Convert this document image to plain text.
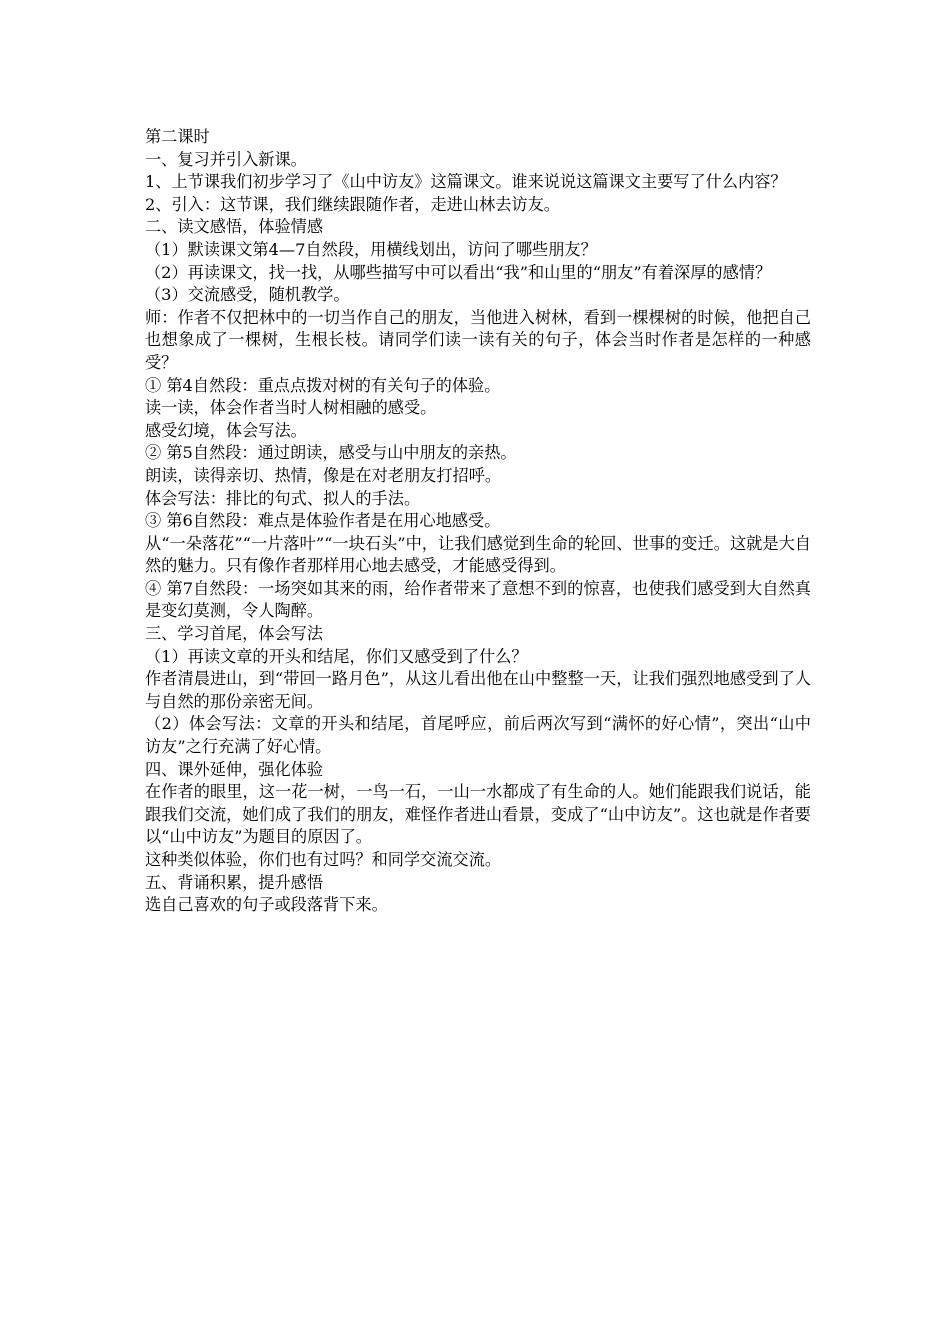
第二课时

一、复习并引入新课。

1、上节课我们初步学习了《山中访友》这篇课文。谁来说说这篇课文主要写了什么内容？

2、引入：这节课，我们继续跟随作者，走进山林去访友。

二、读文感悟，体验情感

（1）默读课文第4—7自然段，用横线划出，访问了哪些朋友？

（2）再读课文，找一找，从哪些描写中可以看出“我”和山里的“朋友”有着深厚的感情？

（3）交流感受，随机教学。

师：作者不仅把林中的一切当作自己的朋友，当他进入树林，看到一棵棵树的时候，他把自己也想象成了一棵树，生根长枝。请同学们读一读有关的句子，体会当时作者是怎样的一种感受？

① 第4自然段：重点点拨对树的有关句子的体验。

读一读，体会作者当时人树相融的感受。

感受幻境，体会写法。

② 第5自然段：通过朗读，感受与山中朋友的亲热。

朗读，读得亲切、热情，像是在对老朋友打招呼。

体会写法：排比的句式、拟人的手法。

③ 第6自然段：难点是体验作者是在用心地感受。

从“一朵落花”“一片落叶”“一块石头”中，让我们感觉到生命的轮回、世事的变迁。这就是大自然的魅力。只有像作者那样用心地去感受，才能感受得到。

④ 第7自然段：一场突如其来的雨，给作者带来了意想不到的惊喜，也使我们感受到大自然真是变幻莫测，令人陶醉。

三、学习首尾，体会写法

（1）再读文章的开头和结尾，你们又感受到了什么？

作者清晨进山，到“带回一路月色”，从这儿看出他在山中整整一天，让我们强烈地感受到了人与自然的那份亲密无间。

（2）体会写法：文章的开头和结尾，首尾呼应，前后两次写到“满怀的好心情”，突出“山中访友”之行充满了好心情。

四、课外延伸，强化体验

在作者的眼里，这一花一树，一鸟一石，一山一水都成了有生命的人。她们能跟我们说话，能跟我们交流，她们成了我们的朋友，难怪作者进山看景，变成了“山中访友”。这也就是作者要以“山中访友”为题目的原因了。

这种类似体验，你们也有过吗？和同学交流交流。

五、背诵积累，提升感悟

选自己喜欢的句子或段落背下来。
